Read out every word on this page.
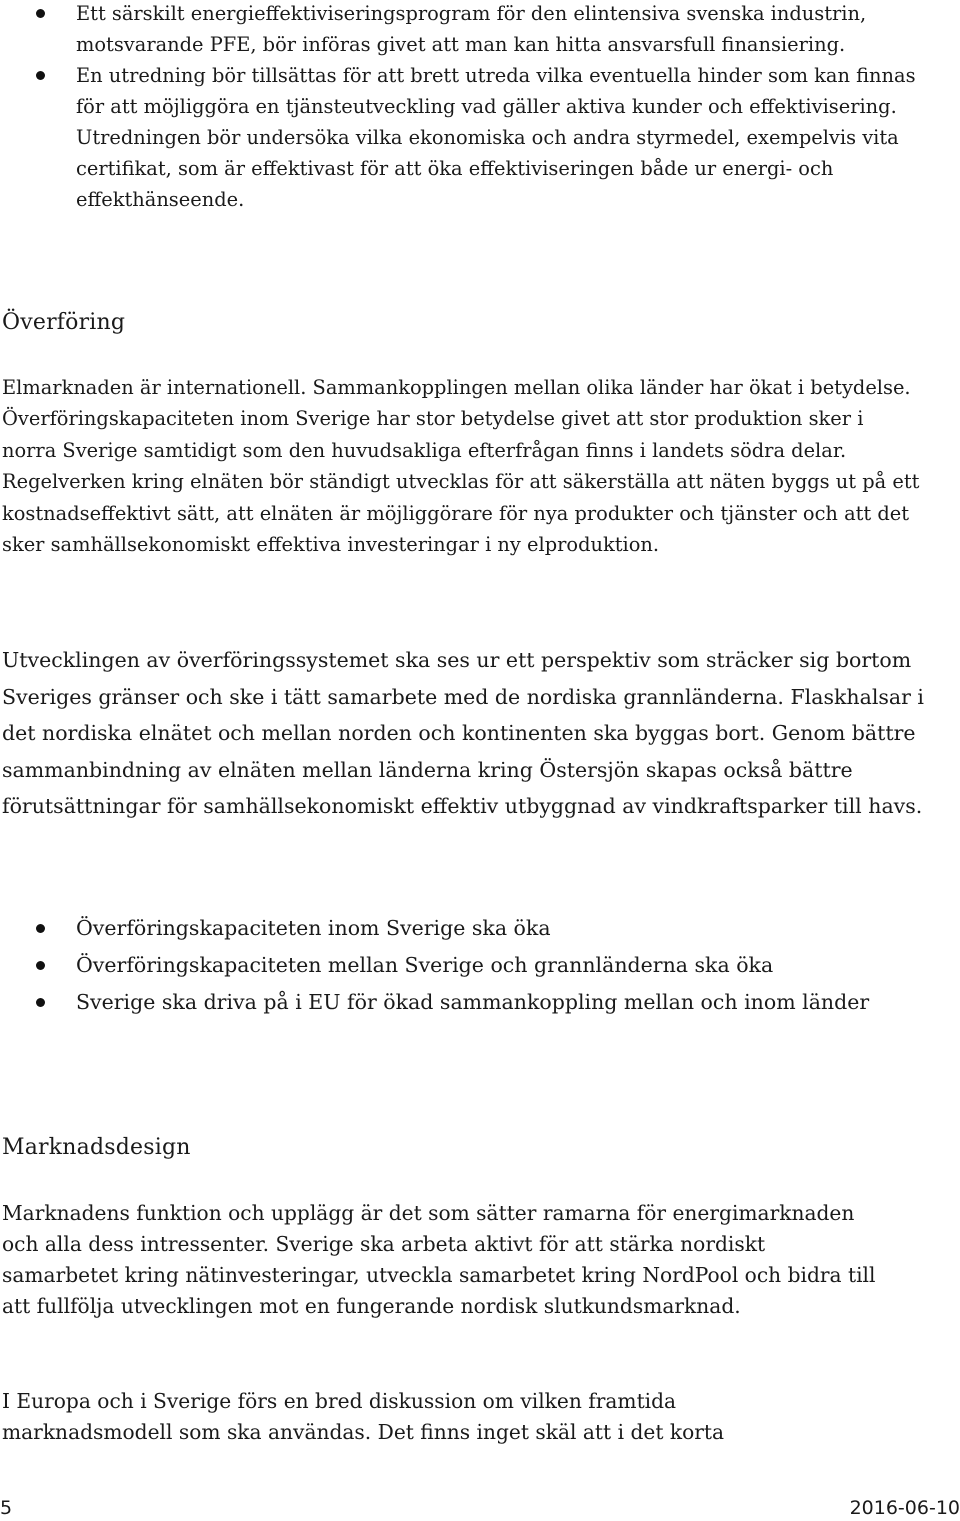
Ett särskilt energieffektiviseringsprogram för den elintensiva svenska industrin, motsvarande PFE, bör införas givet att man kan hitta ansvarsfull finansiering.
En utredning bör tillsättas för att brett utreda vilka eventuella hinder som kan finnas för att möjliggöra en tjänsteutveckling vad gäller aktiva kunder och effektivisering. Utredningen bör undersöka vilka ekonomiska och andra styrmedel, exempelvis vita certifikat, som är effektivast för att öka effektiviseringen både ur energi- och effekthänseende.
Överföring

Elmarknaden är internationell. Sammankopplingen mellan olika länder har ökat i betydelse. Överföringskapaciteten inom Sverige har stor betydelse givet att stor produktion sker i norra Sverige samtidigt som den huvudsakliga efterfrågan finns i landets södra delar. Regelverken kring elnäten bör ständigt utvecklas för att säkerställa att näten byggs ut på ett kostnadseffektivt sätt, att elnäten är möjliggörare för nya produkter och tjänster och att det sker samhällsekonomiskt effektiva investeringar i ny elproduktion.

Utvecklingen av överföringssystemet ska ses ur ett perspektiv som sträcker sig bortom Sveriges gränser och ske i tätt samarbete med de nordiska grannländerna. Flaskhalsar i det nordiska elnätet och mellan norden och kontinenten ska byggas bort. Genom bättre sammanbindning av elnäten mellan länderna kring Östersjön skapas också bättre förutsättningar för samhällsekonomiskt effektiv utbyggnad av vindkraftsparker till havs.

Överföringskapaciteten inom Sverige ska öka
Överföringskapaciteten mellan Sverige och grannländerna ska öka
Sverige ska driva på i EU för ökad sammankoppling mellan och inom länder
Marknadsdesign

Marknadens funktion och upplägg är det som sätter ramarna för energimarknaden och alla dess intressenter. Sverige ska arbeta aktivt för att stärka nordiskt samarbetet kring nätinvesteringar, utveckla samarbetet kring NordPool och bidra till att fullfölja utvecklingen mot en fungerande nordisk slutkundsmarknad.

I Europa och i Sverige förs en bred diskussion om vilken framtida marknadsmodell som ska användas. Det finns inget skäl att i det korta

5	2016-06-10
